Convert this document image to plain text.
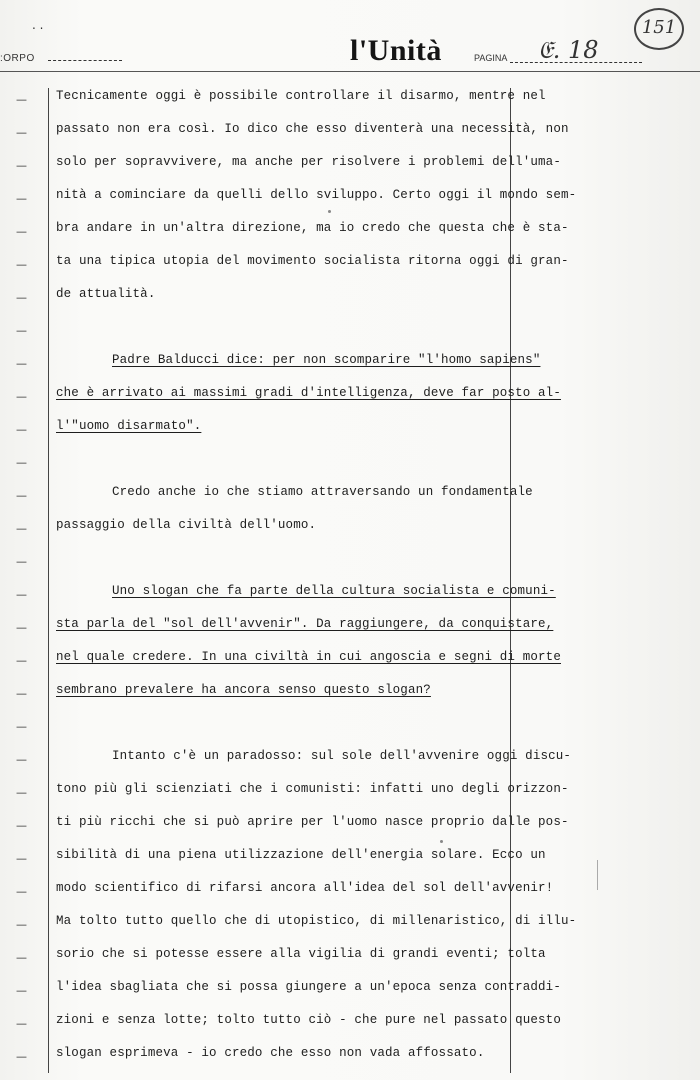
. .
:ORPO	l'Unità	PAGINA 𝔈. 18
151
—
—
—
—
—
—
—
—
—
—
—
—
—
—
—
—
—
—
—
—
—
—
—
—
—
—
—
—
—
—
Tecnicamente oggi è possibile controllare il disarmo, mentre nel
passato non era così. Io dico che esso diventerà una necessità, non
solo per sopravvivere, ma anche per risolvere i problemi dell'uma-
nità a cominciare da quelli dello sviluppo. Certo oggi il mondo sem-
bra andare in un'altra direzione, ma io credo che questa che è sta-
ta una tipica utopia del movimento socialista ritorna oggi di gran-
de attualità.
Padre Balducci dice: per non scomparire "l'homo sapiens"
che è arrivato ai massimi gradi d'intelligenza, deve far posto al-
l'"uomo disarmato".
Credo anche io che stiamo attraversando un fondamentale
passaggio della civiltà dell'uomo.
Uno slogan che fa parte della cultura socialista e comuni-
sta parla del "sol dell'avvenir". Da raggiungere, da conquistare,
nel quale credere. In una civiltà in cui angoscia e segni di morte
sembrano prevalere ha ancora senso questo slogan?
Intanto c'è un paradosso: sul sole dell'avvenire oggi discu-
tono più gli scienziati che i comunisti: infatti uno degli orizzon-
ti più ricchi che si può aprire per l'uomo nasce proprio dalle pos-
sibilità di una piena utilizzazione dell'energia solare. Ecco un
modo scientifico di rifarsi ancora all'idea del sol dell'avvenir!
Ma tolto tutto quello che di utopistico, di millenaristico, di illu-
sorio che si potesse essere alla vigilia di grandi eventi; tolta
l'idea sbagliata che si possa giungere a un'epoca senza contraddi-
zioni e senza lotte; tolto tutto ciò - che pure nel passato questo
slogan esprimeva - io credo che esso non vada affossato.
